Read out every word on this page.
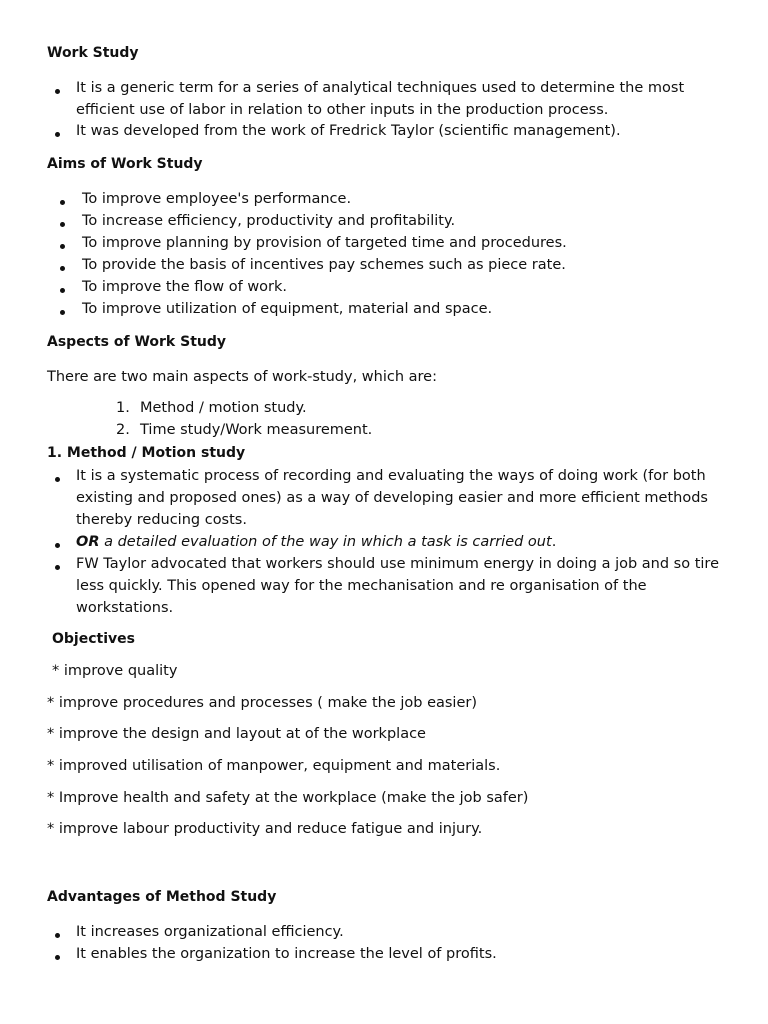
Work Study
It is a generic term for a series of analytical techniques used to determine the most
efficient use of labor in relation to other inputs in the production process.
It was developed from the work of Fredrick Taylor (scientific management).
Aims of Work Study
To improve employee's performance.
To increase efficiency, productivity and profitability.
To improve planning by provision of targeted time and procedures.
To provide the basis of incentives pay schemes such as piece rate.
To improve the flow of work.
To improve utilization of equipment, material and space.
Aspects of Work Study
There are two main aspects of work-study, which are:
1. Method / motion study.
2. Time study/Work measurement.
1. Method / Motion study
It is a systematic process of recording and evaluating the ways of doing work (for both
existing and proposed ones) as a way of developing easier and more efficient methods
thereby reducing costs.
OR a detailed evaluation of the way in which a task is carried out.
FW Taylor advocated that workers should use minimum energy in doing a job and so tire
less quickly. This opened way for the mechanisation and re organisation of the
workstations.
Objectives
* improve quality
* improve procedures and processes ( make the job easier)
* improve the design and layout at of the workplace
* improved utilisation of manpower, equipment and materials.
* Improve health and safety at the workplace (make the job safer)
* improve labour productivity and reduce fatigue and injury.
Advantages of Method Study
It increases organizational efficiency.
It enables the organization to increase the level of profits.
